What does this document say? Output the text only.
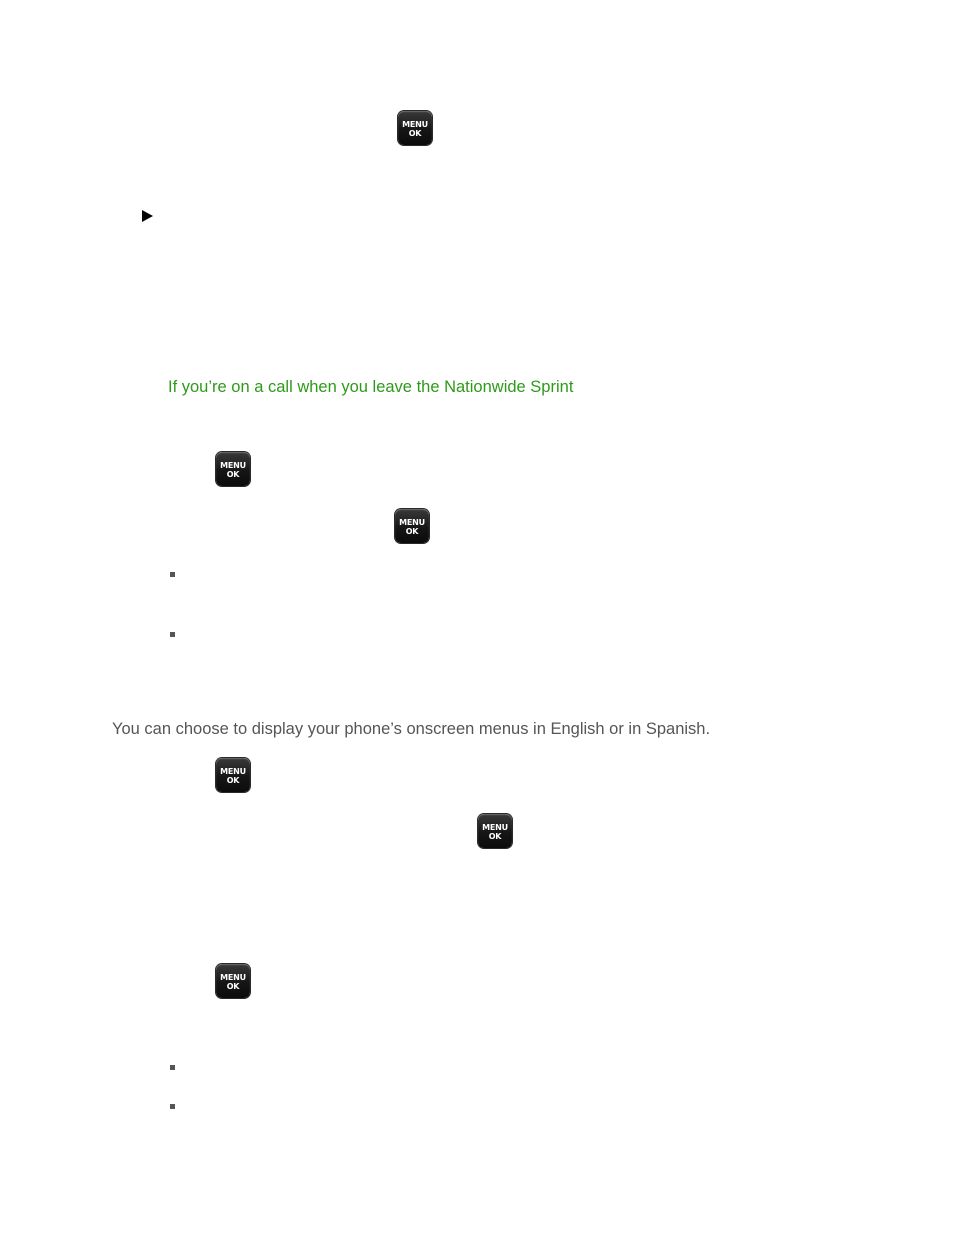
MENU
OK
If you’re on a call when you leave the Nationwide Sprint
MENU
OK
MENU
OK
You can choose to display your phone’s onscreen menus in English or in Spanish.
MENU
OK
MENU
OK
MENU
OK
